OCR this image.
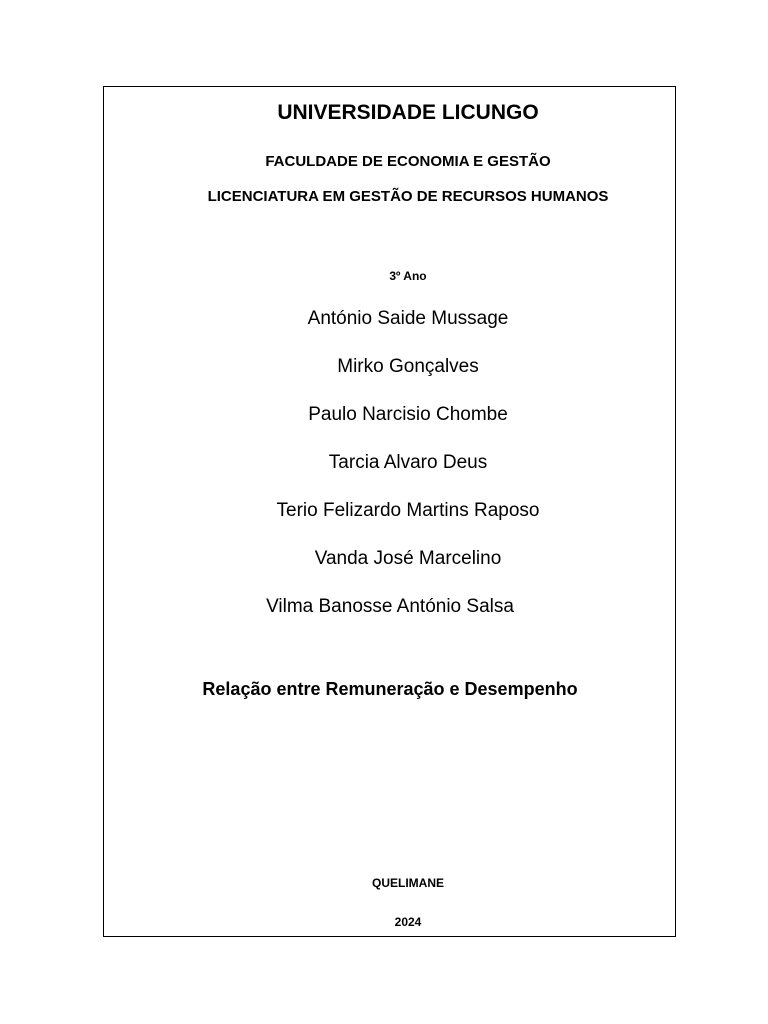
UNIVERSIDADE LICUNGO
FACULDADE DE ECONOMIA E GESTÃO
LICENCIATURA EM GESTÃO DE RECURSOS HUMANOS
3º Ano
António Saide Mussage
Mirko Gonçalves
Paulo Narcisio Chombe
Tarcia Alvaro Deus
Terio Felizardo Martins Raposo
Vanda José Marcelino
Vilma Banosse António Salsa
Relação entre Remuneração e Desempenho
QUELIMANE
2024
